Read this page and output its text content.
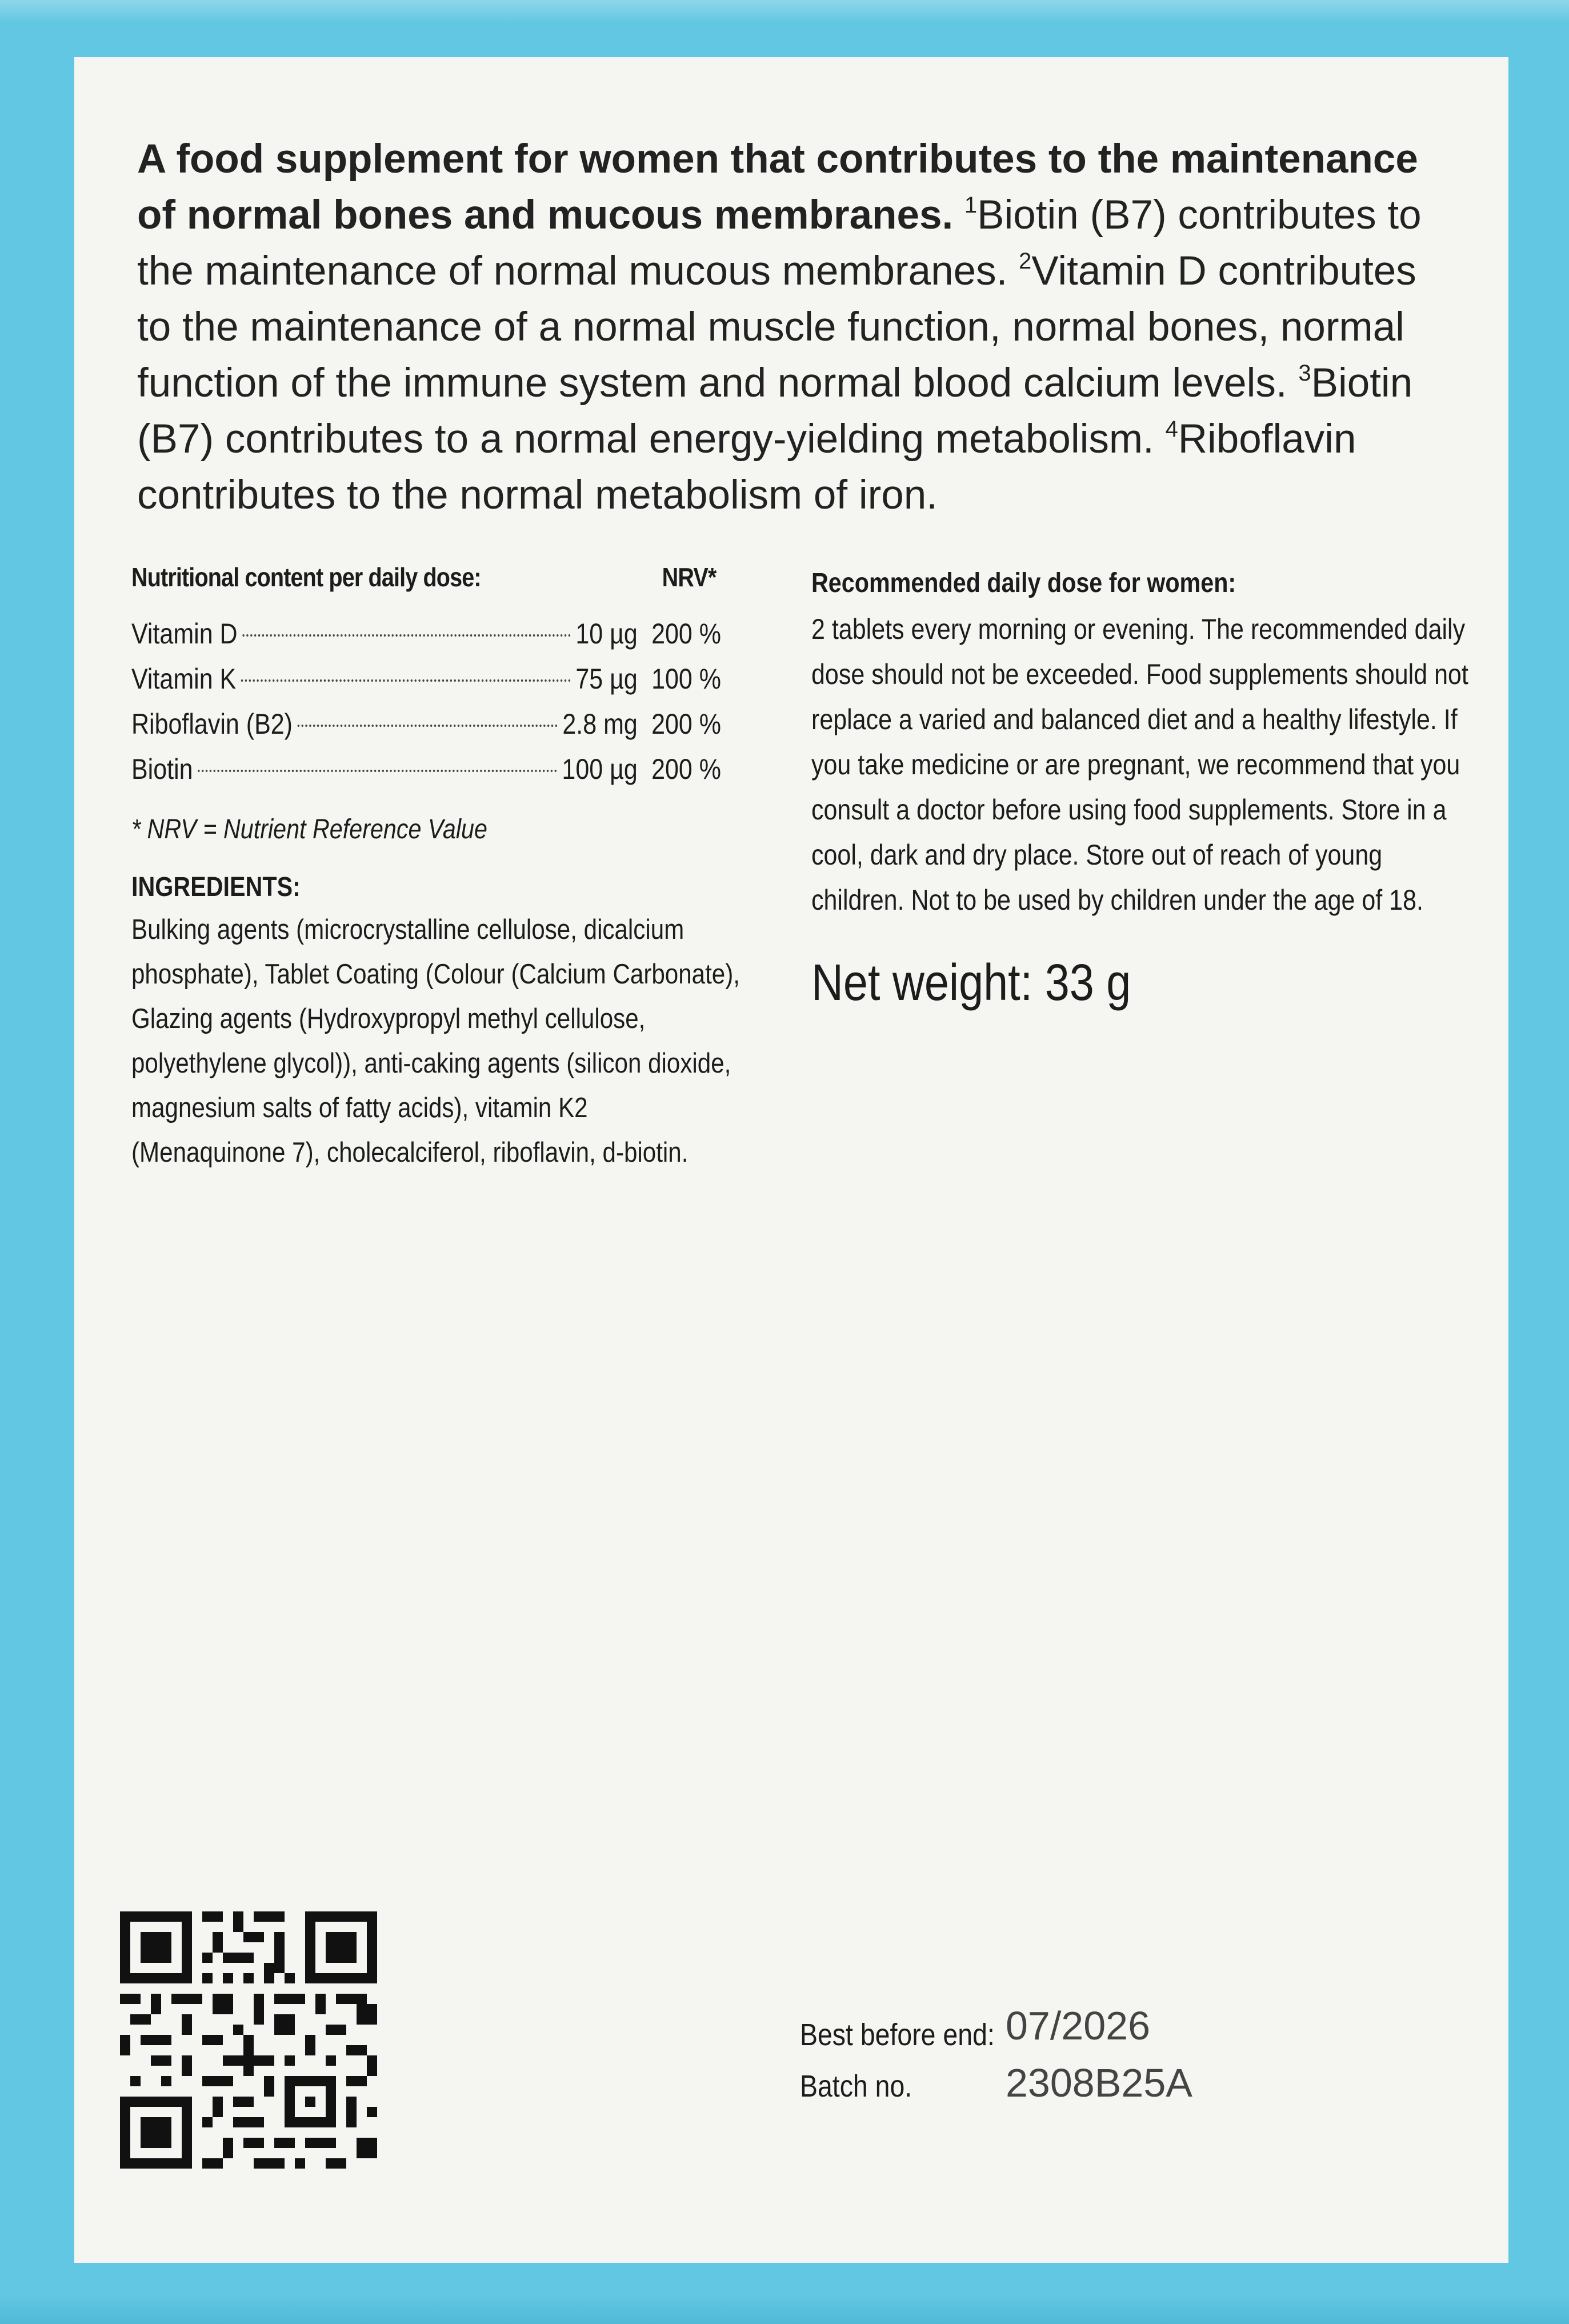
A food supplement for women that contributes to the maintenance of normal bones and mucous membranes. $^1$Biotin (B7) contributes to the maintenance of normal mucous membranes. $^2$Vitamin D contributes to the maintenance of a normal muscle function, normal bones, normal function of the immune system and normal blood calcium levels. $^3$Biotin (B7) contributes to a normal energy-yielding metabolism. $^4$Riboflavin contributes to the normal metabolism of iron.
Nutritional content per daily dose:	NRV*
Vitamin D	10 µg 200 %
Vitamin K	75 µg 100 %
Riboflavin (B2)	2.8 mg 200 %
Biotin	100 µg 200 %
* NRV = Nutrient Reference Value
INGREDIENTS:
Bulking agents (microcrystalline cellulose, dicalcium phosphate), Tablet Coating (Colour (Calcium Carbonate), Glazing agents (Hydroxypropyl methyl cellulose, polyethylene glycol)), anti-caking agents (silicon dioxide, magnesium salts of fatty acids), vitamin K2 (Menaquinone 7), cholecalciferol, riboflavin, d-biotin.
Recommended daily dose for women:
2 tablets every morning or evening. The recommended daily dose should not be exceeded. Food supplements should not replace a varied and balanced diet and a healthy lifestyle. If you take medicine or are pregnant, we recommend that you consult a doctor before using food supplements. Store in a cool, dark and dry place. Store out of reach of young children. Not to be used by children under the age of 18.
Net weight: 33 g
Best before end: 07/2026
Batch no. 2308B25A
